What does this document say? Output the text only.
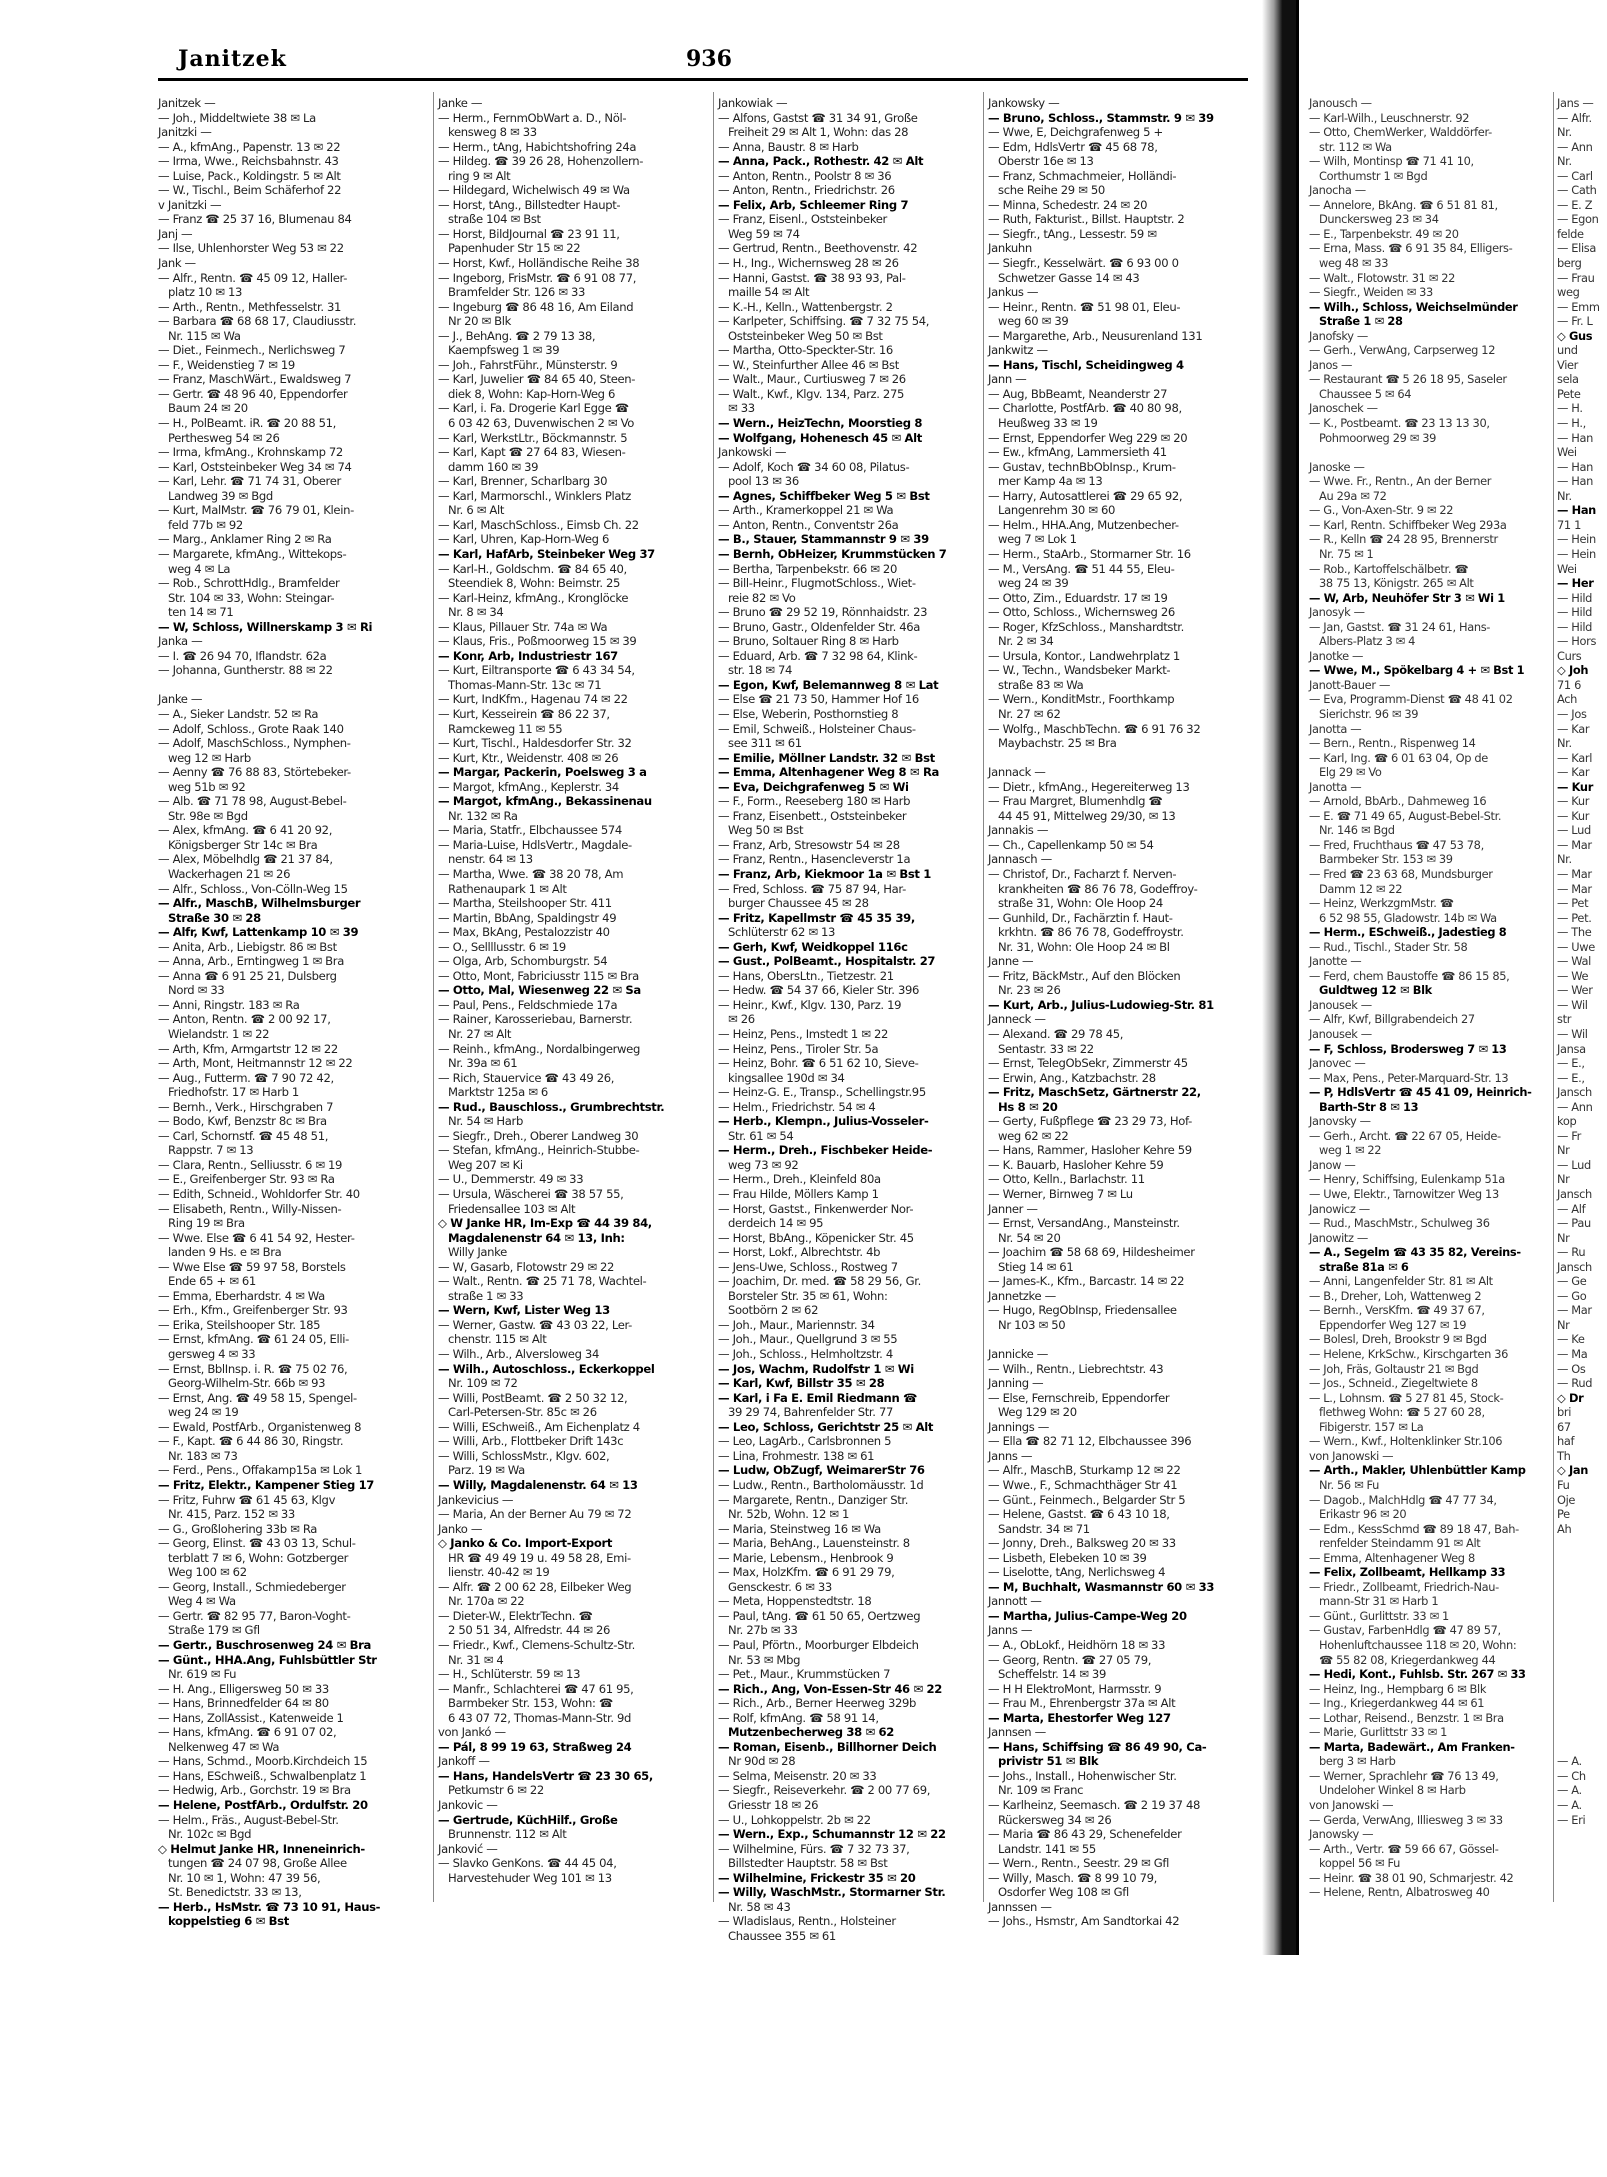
Janitzek	936
Janitzek —
— Joh., Middeltwiete 38 ✉ La
Janitzki —
— A., kfmAng., Papenstr. 13 ✉ 22
— Irma, Wwe., Reichsbahnstr. 43
— Luise, Pack., Koldingstr. 5 ✉ Alt
— W., Tischl., Beim Schäferhof 22
v Janitzki —
— Franz ☎ 25 37 16, Blumenau 84
Janj —
— Ilse, Uhlenhorster Weg 53 ✉ 22
Jank —
— Alfr., Rentn. ☎ 45 09 12, Haller-
platz 10 ✉ 13
— Arth., Rentn., Methfesselstr. 31
— Barbara ☎ 68 68 17, Claudiusstr.
Nr. 115 ✉ Wa
— Diet., Feinmech., Nerlichsweg 7
— F., Weidenstieg 7 ✉ 19
— Franz, MaschWärt., Ewaldsweg 7
— Gertr. ☎ 48 96 40, Eppendorfer
Baum 24 ✉ 20
— H., PolBeamt. iR. ☎ 20 88 51,
Perthesweg 54 ✉ 26
— Irma, kfmAng., Krohnskamp 72
— Karl, Oststeinbeker Weg 34 ✉ 74
— Karl, Lehr. ☎ 71 74 31, Oberer
Landweg 39 ✉ Bgd
— Kurt, MalMstr. ☎ 76 79 01, Klein-
feld 77b ✉ 92
— Marg., Anklamer Ring 2 ✉ Ra
— Margarete, kfmAng., Wittekops-
weg 4 ✉ La
— Rob., SchrottHdlg., Bramfelder
Str. 104 ✉ 33, Wohn: Steingar-
ten 14 ✉ 71
— W, Schloss, Willnerskamp 3 ✉ Ri
Janka —
— I. ☎ 26 94 70, Iflandstr. 62a
— Johanna, Guntherstr. 88 ✉ 22

Janke —
— A., Sieker Landstr. 52 ✉ Ra
— Adolf, Schloss., Grote Raak 140
— Adolf, MaschSchloss., Nymphen-
weg 12 ✉ Harb
— Aenny ☎ 76 88 83, Störtebeker-
weg 51b ✉ 92
— Alb. ☎ 71 78 98, August-Bebel-
Str. 98e ✉ Bgd
— Alex, kfmAng. ☎ 6 41 20 92,
Königsberger Str 14c ✉ Bra
— Alex, Möbelhdlg ☎ 21 37 84,
Wackerhagen 21 ✉ 26
— Alfr., Schloss., Von-Cölln-Weg 15
— Alfr., MaschB, Wilhelmsburger
Straße 30 ✉ 28
— Alfr, Kwf, Lattenkamp 10 ✉ 39
— Anita, Arb., Liebigstr. 86 ✉ Bst
— Anna, Arb., Erntingweg 1 ✉ Bra
— Anna ☎ 6 91 25 21, Dulsberg
Nord ✉ 33
— Anni, Ringstr. 183 ✉ Ra
— Anton, Rentn. ☎ 2 00 92 17,
Wielandstr. 1 ✉ 22
— Arth, Kfm, Armgartstr 12 ✉ 22
— Arth, Mont, Heitmannstr 12 ✉ 22
— Aug., Futterm. ☎ 7 90 72 42,
Friedhofstr. 17 ✉ Harb 1
— Bernh., Verk., Hirschgraben 7
— Bodo, Kwf, Benzstr 8c ✉ Bra
— Carl, Schornstf. ☎ 45 48 51,
Rappstr. 7 ✉ 13
— Clara, Rentn., Selliusstr. 6 ✉ 19
— E., Greifenberger Str. 93 ✉ Ra
— Edith, Schneid., Wohldorfer Str. 40
— Elisabeth, Rentn., Willy-Nissen-
Ring 19 ✉ Bra
— Wwe. Else ☎ 6 41 54 92, Hester-
landen 9 Hs. e ✉ Bra
— Wwe Else ☎ 59 97 58, Borstels
Ende 65 + ✉ 61
— Emma, Eberhardstr. 4 ✉ Wa
— Erh., Kfm., Greifenberger Str. 93
— Erika, Steilshooper Str. 185
— Ernst, kfmAng. ☎ 61 24 05, Elli-
gersweg 4 ✉ 33
— Ernst, BblInsp. i. R. ☎ 75 02 76,
Georg-Wilhelm-Str. 66b ✉ 93
— Ernst, Ang. ☎ 49 58 15, Spengel-
weg 24 ✉ 19
— Ewald, PostfArb., Organistenweg 8
— F., Kapt. ☎ 6 44 86 30, Ringstr.
Nr. 183 ✉ 73
— Ferd., Pens., Offakamp15a ✉ Lok 1
— Fritz, Elektr., Kampener Stieg 17
— Fritz, Fuhrw ☎ 61 45 63, Klgv
Nr. 415, Parz. 152 ✉ 33
— G., Großlohering 33b ✉ Ra
— Georg, Elinst. ☎ 43 03 13, Schul-
terblatt 7 ✉ 6, Wohn: Gotzberger
Weg 100 ✉ 62
— Georg, Install., Schmiedeberger
Weg 4 ✉ Wa
— Gertr. ☎ 82 95 77, Baron-Voght-
Straße 179 ✉ Gfl
— Gertr., Buschrosenweg 24 ✉ Bra
— Günt., HHA.Ang, Fuhlsbüttler Str
Nr. 619 ✉ Fu
— H. Ang., Elligersweg 50 ✉ 33
— Hans, Brinnedfelder 64 ✉ 80
— Hans, ZollAssist., Katenweide 1
— Hans, kfmAng. ☎ 6 91 07 02,
Nelkenweg 47 ✉ Wa
— Hans, Schmd., Moorb.Kirchdeich 15
— Hans, ESchweiß., Schwalbenplatz 1
— Hedwig, Arb., Gorchstr. 19 ✉ Bra
— Helene, PostfArb., Ordulfstr. 20
— Helm., Fräs., August-Bebel-Str.
Nr. 102c ✉ Bgd
◇ Helmut Janke HR, Inneneinrich-
tungen ☎ 24 07 98, Große Allee
Nr. 10 ✉ 1, Wohn: 47 39 56,
St. Benedictstr. 33 ✉ 13,
— Herb., HsMstr. ☎ 73 10 91, Haus-
koppelstieg 6 ✉ Bst
Janke —
— Herm., FernmObWart a. D., Nöl-
kensweg 8 ✉ 33
— Herm., tAng, Habichtshofring 24a
— Hildeg. ☎ 39 26 28, Hohenzollern-
ring 9 ✉ Alt
— Hildegard, Wichelwisch 49 ✉ Wa
— Horst, tAng., Billstedter Haupt-
straße 104 ✉ Bst
— Horst, BildJournal ☎ 23 91 11,
Papenhuder Str 15 ✉ 22
— Horst, Kwf., Holländische Reihe 38
— Ingeborg, FrisMstr. ☎ 6 91 08 77,
Bramfelder Str. 126 ✉ 33
— Ingeburg ☎ 86 48 16, Am Eiland
Nr 20 ✉ Blk
— J., BehAng. ☎ 2 79 13 38,
Kaempfsweg 1 ✉ 39
— Joh., FahrstFühr., Münsterstr. 9
— Karl, Juwelier ☎ 84 65 40, Steen-
diek 8, Wohn: Kap-Horn-Weg 6
— Karl, i. Fa. Drogerie Karl Egge ☎
6 03 42 63, Duvenwischen 2 ✉ Vo
— Karl, WerkstLtr., Böckmannstr. 5
— Karl, Kapt ☎ 27 64 83, Wiesen-
damm 160 ✉ 39
— Karl, Brenner, Scharlbarg 30
— Karl, Marmorschl., Winklers Platz
Nr. 6 ✉ Alt
— Karl, MaschSchloss., Eimsb Ch. 22
— Karl, Uhren, Kap-Horn-Weg 6
— Karl, HafArb, Steinbeker Weg 37
— Karl-H., Goldschm. ☎ 84 65 40,
Steendiek 8, Wohn: Beimstr. 25
— Karl-Heinz, kfmAng., Kronglöcke
Nr. 8 ✉ 34
— Klaus, Pillauer Str. 74a ✉ Wa
— Klaus, Fris., Poßmoorweg 15 ✉ 39
— Konr, Arb, Industriestr 167
— Kurt, Eiltransporte ☎ 6 43 34 54,
Thomas-Mann-Str. 13c ✉ 71
— Kurt, IndKfm., Hagenau 74 ✉ 22
— Kurt, Kesseirein ☎ 86 22 37,
Ramckeweg 11 ✉ 55
— Kurt, Tischl., Haldesdorfer Str. 32
— Kurt, Ktr., Weidenstr. 408 ✉ 26
— Margar, Packerin, Poelsweg 3 a
— Margot, kfmAng., Keplerstr. 34
— Margot, kfmAng., Bekassinenau
Nr. 132 ✉ Ra
— Maria, Statfr., Elbchaussee 574
— Maria-Luise, HdlsVertr., Magdale-
nenstr. 64 ✉ 13
— Martha, Wwe. ☎ 38 20 78, Am
Rathenaupark 1 ✉ Alt
— Martha, Steilshooper Str. 411
— Martin, BbAng, Spaldingstr 49
— Max, BkAng, Pestalozzistr 40
— O., Sellllusstr. 6 ✉ 19
— Olga, Arb, Schomburgstr. 54
— Otto, Mont, Fabriciusstr 115 ✉ Bra
— Otto, Mal, Wiesenweg 22 ✉ Sa
— Paul, Pens., Feldschmiede 17a
— Rainer, Karosseriebau, Barnerstr.
Nr. 27 ✉ Alt
— Reinh., kfmAng., Nordalbingerweg
Nr. 39a ✉ 61
— Rich, Stauervice ☎ 43 49 26,
Marktstr 125a ✉ 6
— Rud., Bauschloss., Grumbrechtstr.
Nr. 54 ✉ Harb
— Siegfr., Dreh., Oberer Landweg 30
— Stefan, kfmAng., Heinrich-Stubbe-
Weg 207 ✉ Ki
— U., Demmerstr. 49 ✉ 33
— Ursula, Wäscherei ☎ 38 57 55,
Friedensallee 103 ✉ Alt
◇ W Janke HR, Im-Exp ☎ 44 39 84,
Magdalenenstr 64 ✉ 13, Inh:
Willy Janke
— W, Gasarb, Flotowstr 29 ✉ 22
— Walt., Rentn. ☎ 25 71 78, Wachtel-
straße 1 ✉ 33
— Wern, Kwf, Lister Weg 13
— Werner, Gastw. ☎ 43 03 22, Ler-
chenstr. 115 ✉ Alt
— Wilh., Arb., Alversloweg 34
— Wilh., Autoschloss., Eckerkoppel
Nr. 109 ✉ 72
— Willi, PostBeamt. ☎ 2 50 32 12,
Carl-Petersen-Str. 85c ✉ 26
— Willi, ESchweiß., Am Eichenplatz 4
— Willi, Arb., Flottbeker Drift 143c
— Willi, SchlossMstr., Klgv. 602,
Parz. 19 ✉ Wa
— Willy, Magdalenenstr. 64 ✉ 13
Jankevicius —
— Maria, An der Berner Au 79 ✉ 72
Janko —
◇ Janko & Co. Import-Export
HR ☎ 49 49 19 u. 49 58 28, Emi-
lienstr. 40-42 ✉ 19
— Alfr. ☎ 2 00 62 28, Eilbeker Weg
Nr. 170a ✉ 22
— Dieter-W., ElektrTechn. ☎
2 50 51 34, Alfredstr. 44 ✉ 26
— Friedr., Kwf., Clemens-Schultz-Str.
Nr. 31 ✉ 4
— H., Schlüterstr. 59 ✉ 13
— Manfr., Schlachterei ☎ 47 61 95,
Barmbeker Str. 153, Wohn: ☎
6 43 07 72, Thomas-Mann-Str. 9d
von Jankó —
— Pál, 8 99 19 63, Straßweg 24
Jankoff —
— Hans, HandelsVertr ☎ 23 30 65,
Petkumstr 6 ✉ 22
Jankovic —
— Gertrude, KüchHilf., Große
Brunnenstr. 112 ✉ Alt
Janković —
— Slavko GenKons. ☎ 44 45 04,
Harvestehuder Weg 101 ✉ 13
Jankowiak —
— Alfons, Gastst ☎ 31 34 91, Große
Freiheit 29 ✉ Alt 1, Wohn: das 28
— Anna, Baustr. 8 ✉ Harb
— Anna, Pack., Rothestr. 42 ✉ Alt
— Anton, Rentn., Poolstr 8 ✉ 36
— Anton, Rentn., Friedrichstr. 26
— Felix, Arb, Schleemer Ring 7
— Franz, Eisenl., Oststeinbeker
Weg 59 ✉ 74
— Gertrud, Rentn., Beethovenstr. 42
— H., Ing., Wichernsweg 28 ✉ 26
— Hanni, Gastst. ☎ 38 93 93, Pal-
maille 54 ✉ Alt
— K.-H., Kelln., Wattenbergstr. 2
— Karlpeter, Schiffsing. ☎ 7 32 75 54,
Oststeinbeker Weg 50 ✉ Bst
— Martha, Otto-Speckter-Str. 16
— W., Steinfurther Allee 46 ✉ Bst
— Walt., Maur., Curtiusweg 7 ✉ 26
— Walt., Kwf., Klgv. 134, Parz. 275
✉ 33
— Wern., HeizTechn, Moorstieg 8
— Wolfgang, Hohenesch 45 ✉ Alt
Jankowski —
— Adolf, Koch ☎ 34 60 08, Pilatus-
pool 13 ✉ 36
— Agnes, Schiffbeker Weg 5 ✉ Bst
— Arth., Kramerkoppel 21 ✉ Wa
— Anton, Rentn., Conventstr 26a
— B., Stauer, Stammannstr 9 ✉ 39
— Bernh, ObHeizer, Krummstücken 7
— Bertha, Tarpenbekstr. 66 ✉ 20
— Bill-Heinr., FlugmotSchloss., Wiet-
reie 82 ✉ Vo
— Bruno ☎ 29 52 19, Rönnhaidstr. 23
— Bruno, Gastr., Oldenfelder Str. 46a
— Bruno, Soltauer Ring 8 ✉ Harb
— Eduard, Arb. ☎ 7 32 98 64, Klink-
str. 18 ✉ 74
— Egon, Kwf, Belemannweg 8 ✉ Lat
— Else ☎ 21 73 50, Hammer Hof 16
— Else, Weberin, Posthornstieg 8
— Emil, Schweiß., Holsteiner Chaus-
see 311 ✉ 61
— Emilie, Möllner Landstr. 32 ✉ Bst
— Emma, Altenhagener Weg 8 ✉ Ra
— Eva, Deichgrafenweg 5 ✉ Wi
— F., Form., Reeseberg 180 ✉ Harb
— Franz, Eisenbett., Oststeinbeker
Weg 50 ✉ Bst
— Franz, Arb, Stresowstr 54 ✉ 28
— Franz, Rentn., Hasencleverstr 1a
— Franz, Arb, Kiekmoor 1a ✉ Bst 1
— Fred, Schloss. ☎ 75 87 94, Har-
burger Chaussee 45 ✉ 28
— Fritz, Kapellmstr ☎ 45 35 39,
Schlüterstr 62 ✉ 13
— Gerh, Kwf, Weidkoppel 116c
— Gust., PolBeamt., Hospitalstr. 27
— Hans, ObersLtn., Tietzestr. 21
— Hedw. ☎ 54 37 66, Kieler Str. 396
— Heinr., Kwf., Klgv. 130, Parz. 19
✉ 26
— Heinz, Pens., Imstedt 1 ✉ 22
— Heinz, Pens., Tiroler Str. 5a
— Heinz, Bohr. ☎ 6 51 62 10, Sieve-
kingsallee 190d ✉ 34
— Heinz-G. E., Transp., Schellingstr.95
— Helm., Friedrichstr. 54 ✉ 4
— Herb., Klempn., Julius-Vosseler-
Str. 61 ✉ 54
— Herm., Dreh., Fischbeker Heide-
weg 73 ✉ 92
— Herm., Dreh., Kleinfeld 80a
— Frau Hilde, Möllers Kamp 1
— Horst, Gastst., Finkenwerder Nor-
derdeich 14 ✉ 95
— Horst, BbAng., Köpenicker Str. 45
— Horst, Lokf., Albrechtstr. 4b
— Jens-Uwe, Schloss., Rostweg 7
— Joachim, Dr. med. ☎ 58 29 56, Gr.
Borsteler Str. 35 ✉ 61, Wohn:
Sootbörn 2 ✉ 62
— Joh., Maur., Mariennstr. 34
— Joh., Maur., Quellgrund 3 ✉ 55
— Joh., Schloss., Helmholtzstr. 4
— Jos, Wachm, Rudolfstr 1 ✉ Wi
— Karl, Kwf, Billstr 35 ✉ 28
— Karl, i Fa E. Emil Riedmann ☎
39 29 74, Bahrenfelder Str. 77
— Leo, Schloss, Gerichtstr 25 ✉ Alt
— Leo, LagArb., Carlsbronnen 5
— Lina, Frohmestr. 138 ✉ 61
— Ludw, ObZugf, WeimarerStr 76
— Ludw., Rentn., Bartholomäusstr. 1d
— Margarete, Rentn., Danziger Str.
Nr. 52b, Wohn. 12 ✉ 1
— Maria, Steinstweg 16 ✉ Wa
— Maria, BehAng., Lauensteinstr. 8
— Marie, Lebensm., Henbrook 9
— Max, HolzKfm. ☎ 6 91 29 79,
Gensckestr. 6 ✉ 33
— Meta, Hoppenstedtstr. 18
— Paul, tAng. ☎ 61 50 65, Oertzweg
Nr. 27b ✉ 33
— Paul, Pförtn., Moorburger Elbdeich
Nr. 53 ✉ Mbg
— Pet., Maur., Krummstücken 7
— Rich., Ang, Von-Essen-Str 46 ✉ 22
— Rich., Arb., Berner Heerweg 329b
— Rolf, kfmAng. ☎ 58 91 14,
Mutzenbecherweg 38 ✉ 62
— Roman, Eisenb., Billhorner Deich
Nr 90d ✉ 28
— Selma, Meisenstr. 20 ✉ 33
— Siegfr., Reiseverkehr. ☎ 2 00 77 69,
Griesstr 18 ✉ 26
— U., Lohkoppelstr. 2b ✉ 22
— Wern., Exp., Schumannstr 12 ✉ 22
— Wilhelmine, Fürs. ☎ 7 32 73 37,
Billstedter Hauptstr. 58 ✉ Bst
— Wilhelmine, Frickestr 35 ✉ 20
— Willy, WaschMstr., Stormarner Str.
Nr. 58 ✉ 43
— Wladislaus, Rentn., Holsteiner
Chaussee 355 ✉ 61
Jankowsky —
— Bruno, Schloss., Stammstr. 9 ✉ 39
— Wwe, E, Deichgrafenweg 5 +
— Edm, HdlsVertr ☎ 45 68 78,
Oberstr 16e ✉ 13
— Franz, Schmachmeier, Holländi-
sche Reihe 29 ✉ 50
— Minna, Schedestr. 24 ✉ 20
— Ruth, Fakturist., Billst. Hauptstr. 2
— Siegfr., tAng., Lessestr. 59 ✉
Jankuhn
— Siegfr., Kesselwärt. ☎ 6 93 00 0
Schwetzer Gasse 14 ✉ 43
Jankus —
— Heinr., Rentn. ☎ 51 98 01, Eleu-
weg 60 ✉ 39
— Margarethe, Arb., Neusurenland 131
Jankwitz —
— Hans, Tischl, Scheidingweg 4
Jann —
— Aug, BbBeamt, Neanderstr 27
— Charlotte, PostfArb. ☎ 40 80 98,
Heußweg 33 ✉ 19
— Ernst, Eppendorfer Weg 229 ✉ 20
— Ew., kfmAng, Lammersieth 41
— Gustav, technBbObInsp., Krum-
mer Kamp 4a ✉ 13
— Harry, Autosattlerei ☎ 29 65 92,
Langenrehm 30 ✉ 60
— Helm., HHA.Ang, Mutzenbecher-
weg 7 ✉ Lok 1
— Herm., StaArb., Stormarner Str. 16
— M., VersAng. ☎ 51 44 55, Eleu-
weg 24 ✉ 39
— Otto, Zim., Eduardstr. 17 ✉ 19
— Otto, Schloss., Wichernsweg 26
— Roger, KfzSchloss., Manshardtstr.
Nr. 2 ✉ 34
— Ursula, Kontor., Landwehrplatz 1
— W., Techn., Wandsbeker Markt-
straße 83 ✉ Wa
— Wern., KonditMstr., Foorthkamp
Nr. 27 ✉ 62
— Wolfg., MaschbTechn. ☎ 6 91 76 32
Maybachstr. 25 ✉ Bra

Jannack —
— Dietr., kfmAng., Hegereiterweg 13
— Frau Margret, Blumenhdlg ☎
44 45 91, Mittelweg 29/30, ✉ 13
Jannakis —
— Ch., Capellenkamp 50 ✉ 54
Jannasch —
— Christof, Dr., Facharzt f. Nerven-
krankheiten ☎ 86 76 78, Godeffroy-
straße 31, Wohn: Ole Hoop 24
— Gunhild, Dr., Fachärztin f. Haut-
krkhtn. ☎ 86 76 78, Godeffroystr.
Nr. 31, Wohn: Ole Hoop 24 ✉ Bl
Janne —
— Fritz, BäckMstr., Auf den Blöcken
Nr. 23 ✉ 26
— Kurt, Arb., Julius-Ludowieg-Str. 81
Janneck —
— Alexand. ☎ 29 78 45,
Sentastr. 33 ✉ 22
— Ernst, TelegObSekr, Zimmerstr 45
— Erwin, Ang., Katzbachstr. 28
— Fritz, MaschSetz, Gärtnerstr 22,
Hs 8 ✉ 20
— Gerty, Fußpflege ☎ 23 29 73, Hof-
weg 62 ✉ 22
— Hans, Rammer, Hasloher Kehre 59
— K. Bauarb, Hasloher Kehre 59
— Otto, Kelln., Barlachstr. 11
— Werner, Birnweg 7 ✉ Lu
Janner —
— Ernst, VersandAng., Mansteinstr.
Nr. 54 ✉ 20
— Joachim ☎ 58 68 69, Hildesheimer
Stieg 14 ✉ 61
— James-K., Kfm., Barcastr. 14 ✉ 22
Jannetzke —
— Hugo, RegObInsp, Friedensallee
Nr 103 ✉ 50

Jannicke —
— Wilh., Rentn., Liebrechtstr. 43
Janning —
— Else, Fernschreib, Eppendorfer
Weg 129 ✉ 20
Jannings —
— Ella ☎ 82 71 12, Elbchaussee 396
Janns —
— Alfr., MaschB, Sturkamp 12 ✉ 22
— Wwe., F., Schmachthäger Str 41
— Günt., Feinmech., Belgarder Str 5
— Helene, Gastst. ☎ 6 43 10 18,
Sandstr. 34 ✉ 71
— Jonny, Dreh., Balksweg 20 ✉ 33
— Lisbeth, Elebeken 10 ✉ 39
— Liselotte, tAng, Nerlichsweg 4
— M, Buchhalt, Wasmannstr 60 ✉ 33
Jannott —
— Martha, Julius-Campe-Weg 20
Janns —
— A., ObLokf., Heidhörn 18 ✉ 33
— Georg, Rentn. ☎ 27 05 79,
Scheffelstr. 14 ✉ 39
— H H ElektroMont, Harmsstr. 9
— Frau M., Ehrenbergstr 37a ✉ Alt
— Marta, Ehestorfer Weg 127
Jannsen —
— Hans, Schiffsing ☎ 86 49 90, Ca-
privistr 51 ✉ Blk
— Johs., Install., Hohenwischer Str.
Nr. 109 ✉ Franc
— Karlheinz, Seemasch. ☎ 2 19 37 48
Rückersweg 34 ✉ 26
— Maria ☎ 86 43 29, Schenefelder
Landstr. 141 ✉ 55
— Wern., Rentn., Seestr. 29 ✉ Gfl
— Willy, Masch. ☎ 8 99 10 79,
Osdorfer Weg 108 ✉ Gfl
Jannssen —
— Johs., Hsmstr, Am Sandtorkai 42
Janousch —
— Karl-Wilh., Leuschnerstr. 92
— Otto, ChemWerker, Walddörfer-
str. 112 ✉ Wa
— Wilh, Montinsp ☎ 71 41 10,
Corthumstr 1 ✉ Bgd
Janocha —
— Annelore, BkAng. ☎ 6 51 81 81,
Dunckersweg 23 ✉ 34
— E., Tarpenbekstr. 49 ✉ 20
— Erna, Mass. ☎ 6 91 35 84, Elligers-
weg 48 ✉ 33
— Walt., Flotowstr. 31 ✉ 22
— Siegfr., Weiden ✉ 33
— Wilh., Schloss, Weichselmünder
Straße 1 ✉ 28
Janofsky —
— Gerh., VerwAng, Carpserweg 12
Janos —
— Restaurant ☎ 5 26 18 95, Saseler
Chaussee 5 ✉ 64
Janoschek —
— K., Postbeamt. ☎ 23 13 13 30,
Pohmoorweg 29 ✉ 39

Janoske —
— Wwe. Fr., Rentn., An der Berner
Au 29a ✉ 72
— G., Von-Axen-Str. 9 ✉ 22
— Karl, Rentn. Schiffbeker Weg 293a
— R., Kelln ☎ 24 28 95, Brennerstr
Nr. 75 ✉ 1
— Rob., Kartoffelschälbetr. ☎
38 75 13, Königstr. 265 ✉ Alt
— W, Arb, Neuhöfer Str 3 ✉ Wi 1
Janosyk —
— Jan, Gastst. ☎ 31 24 61, Hans-
Albers-Platz 3 ✉ 4
Janotke —
— Wwe, M., Spökelbarg 4 + ✉ Bst 1
Janott-Bauer —
— Eva, Programm-Dienst ☎ 48 41 02
Sierichstr. 96 ✉ 39
Janotta —
— Bern., Rentn., Rispenweg 14
— Karl, Ing. ☎ 6 01 63 04, Op de
Elg 29 ✉ Vo
Janotta —
— Arnold, BbArb., Dahmeweg 16
— E. ☎ 71 49 65, August-Bebel-Str.
Nr. 146 ✉ Bgd
— Fred, Fruchthaus ☎ 47 53 78,
Barmbeker Str. 153 ✉ 39
— Fred ☎ 23 63 68, Mundsburger
Damm 12 ✉ 22
— Heinz, WerkzgmMstr. ☎
6 52 98 55, Gladowstr. 14b ✉ Wa
— Herm., ESchweiß., Jadestieg 8
— Rud., Tischl., Stader Str. 58
Janotte —
— Ferd, chem Baustoffe ☎ 86 15 85,
Guldtweg 12 ✉ Blk
Janousek —
— Alfr, Kwf, Billgrabendeich 27
Janousek —
— F, Schloss, Brodersweg 7 ✉ 13
Janovec —
— Max, Pens., Peter-Marquard-Str. 13
— P, HdlsVertr ☎ 45 41 09, Heinrich-
Barth-Str 8 ✉ 13
Janovsky —
— Gerh., Archt. ☎ 22 67 05, Heide-
weg 1 ✉ 22
Janow —
— Henry, Schiffsing, Eulenkamp 51a
— Uwe, Elektr., Tarnowitzer Weg 13
Janowicz —
— Rud., MaschMstr., Schulweg 36
Janowitz —
— A., Segelm ☎ 43 35 82, Vereins-
straße 81a ✉ 6
— Anni, Langenfelder Str. 81 ✉ Alt
— B., Dreher, Loh, Wattenweg 2
— Bernh., VersKfm. ☎ 49 37 67,
Eppendorfer Weg 127 ✉ 19
— Bolesl, Dreh, Brookstr 9 ✉ Bgd
— Helene, KrkSchw., Kirschgarten 36
— Joh, Fräs, Goltaustr 21 ✉ Bgd
— Jos., Schneid., Ziegeltwiete 8
— L., Lohnsm. ☎ 5 27 81 45, Stock-
flethweg Wohn: ☎ 5 27 60 28,
Fibigerstr. 157 ✉ La
— Wern., Kwf., Holtenklinker Str.106
von Janowski —
— Arth., Makler, Uhlenbüttler Kamp
Nr. 56 ✉ Fu
— Dagob., MalchHdlg ☎ 47 77 34,
Erikastr 96 ✉ 20
— Edm., KessSchmd ☎ 89 18 47, Bah-
renfelder Steindamm 91 ✉ Alt
— Emma, Altenhagener Weg 8
— Felix, Zollbeamt, Hellkamp 33
— Friedr., Zollbeamt, Friedrich-Nau-
mann-Str 31 ✉ Harb 1
— Günt., Gurlittstr. 33 ✉ 1
— Gustav, FarbenHdlg ☎ 47 89 57,
Hohenluftchaussee 118 ✉ 20, Wohn:
☎ 55 82 08, Kriegerdankweg 44
— Hedi, Kont., Fuhlsb. Str. 267 ✉ 33
— Heinz, Ing., Hempbarg 6 ✉ Blk
— Ing., Kriegerdankweg 44 ✉ 61
— Lothar, Reisend., Benzstr. 1 ✉ Bra
— Marie, Gurlittstr 33 ✉ 1
— Marta, Badewärt., Am Franken-
berg 3 ✉ Harb
— Werner, Sprachlehr ☎ 76 13 49,
Undeloher Winkel 8 ✉ Harb
von Janowski —
— Gerda, VerwAng, Illiesweg 3 ✉ 33
Janowsky —
— Arth., Vertr. ☎ 59 66 67, Gössel-
koppel 56 ✉ Fu
— Heinr. ☎ 38 01 90, Schmarjestr. 42
— Helene, Rentn, Albatrosweg 40
Jans —
— Alfr.
Nr.
— Ann
Nr.
— Carl
— Cath
— E. Z
— Egon
felde
— Elisa
berg
— Frau
weg
— Emm
— Fr. L
◇ Gus
und
Vier
sela
Pete
— H.
— H.,
— Han
Wei
— Han
— Han
Nr.
— Han
71 1
— Hein
— Hein
Wei
— Her
— Hild
— Hild
— Hild
— Hors
Curs
◇ Joh
71 6
Ach
— Jos
— Kar
Nr.
— Karl
— Kar
— Kur
— Kur
— Kur
— Lud
— Mar
Nr.
— Mar
— Mar
— Pet
— Pet.
— The
— Uwe
— Wal
— We
— Wer
— Wil
str
— Wil
Jansa
— E.,
— E.,
Jansch
— Ann
kop
— Fr
Nr
— Lud
Nr
Jansch
— Alf
— Pau
Nr
— Ru
Jansch
— Ge
— Go
— Mar
Nr
— Ke
— Ma
— Os
— Rud
◇ Dr
bri
67
haf
Th
◇ Jan
Fu
Oje
Pe
Ah

— A.
— Ch
— A.
— A.
— Eri
